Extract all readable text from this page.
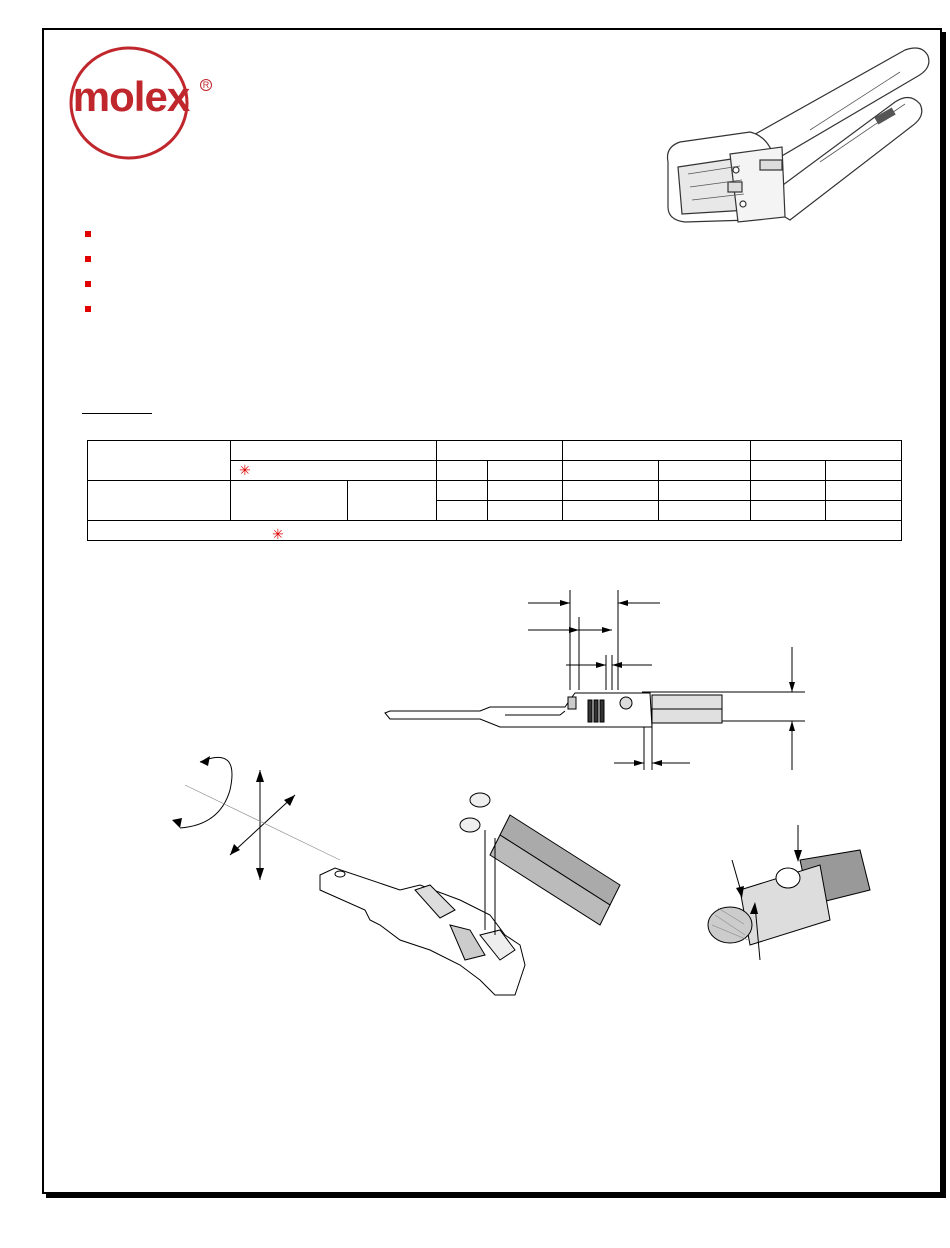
molex	R

	✳							

✳
